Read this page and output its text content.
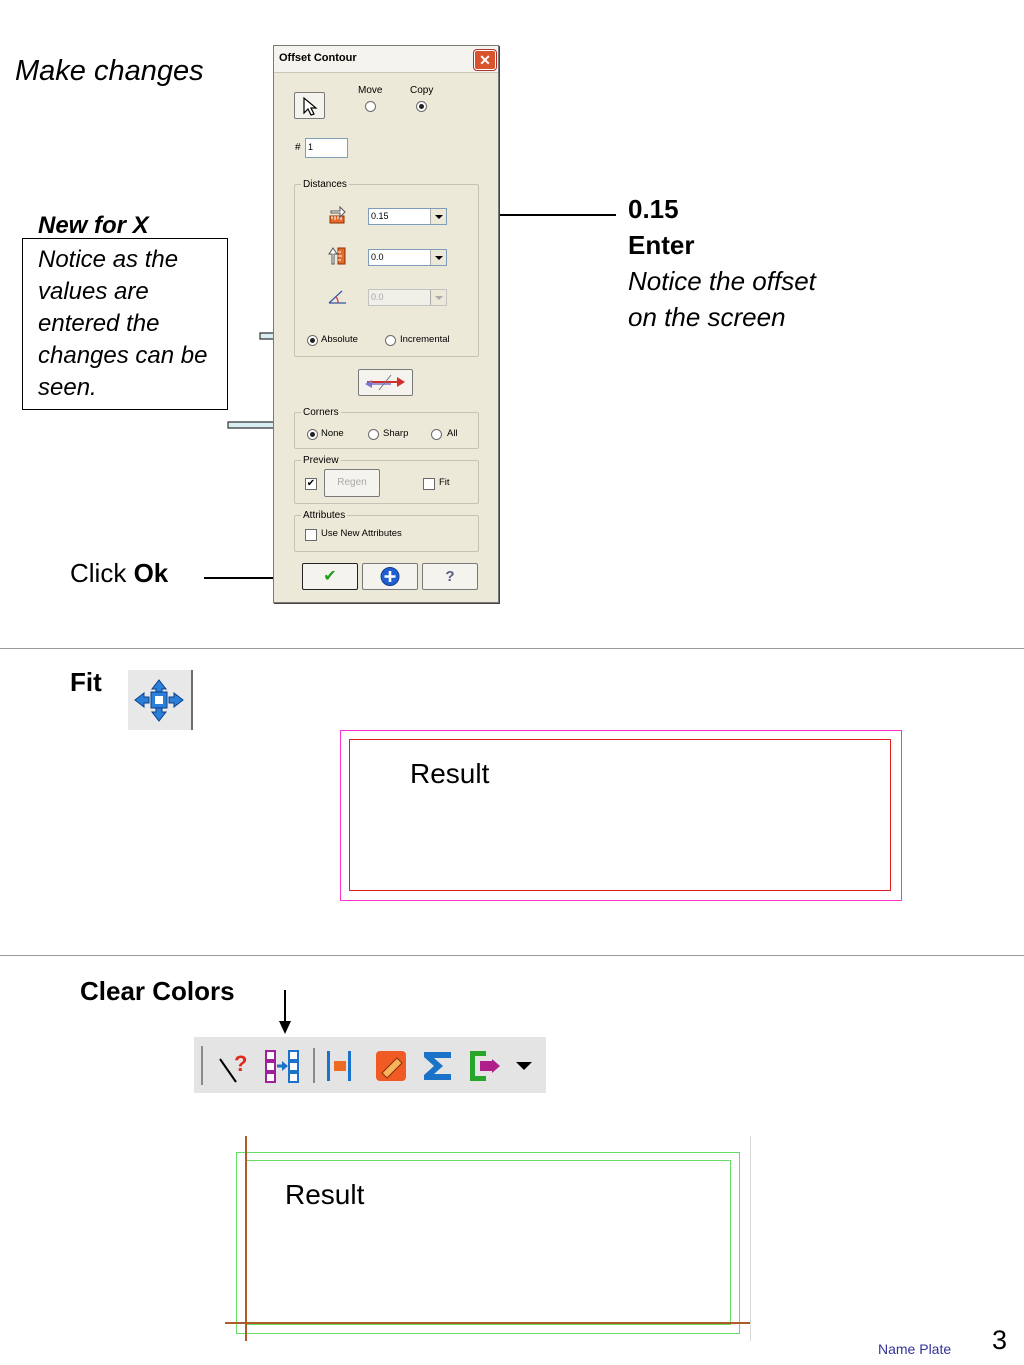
Make changes
New for X
Notice as the
values are
entered the
changes can be
seen.
0.15
Enter
Notice the offset
on the screen
Click Ok
Offset Contour	✕
Move	Copy
# 1
Distances
0.15
0.0
0.0
Absolute	Incremental
Corners
None	Sharp	All
Preview
✔	Regen	Fit
Attributes
Use New Attributes
✔	?
Fit
Result
Clear Colors
?
Result
Name Plate 3
